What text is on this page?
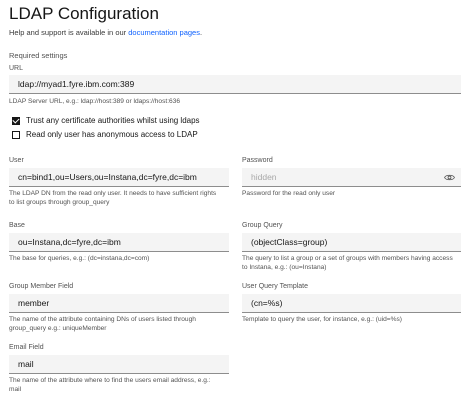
LDAP Configuration
Help and support is available in our documentation pages.
Required settings
URL
ldap://myad1.fyre.ibm.com:389
LDAP Server URL, e.g.: ldap://host:389 or ldaps://host:636
Trust any certificate authorities whilst using ldaps
Read only user has anonymous access to LDAP
User
cn=bind1,ou=Users,ou=Instana,dc=fyre,dc=ibm
The LDAP DN from the read only user. It needs to have sufficient rights
to list groups through group_query
Password
hidden
Password for the read only user
Base
ou=Instana,dc=fyre,dc=ibm
The base for queries, e.g.: (dc=instana,dc=com)
Group Query
(objectClass=group)
The query to list a group or a set of groups with members having access
to Instana, e.g.: (ou=Instana)
Group Member Field
member
The name of the attribute containing DNs of users listed through
group_query e.g.: uniqueMember
User Query Template
(cn=%s)
Template to query the user, for instance, e.g.: (uid=%s)
Email Field
mail
The name of the attribute where to find the users email address, e.g.:
mail
